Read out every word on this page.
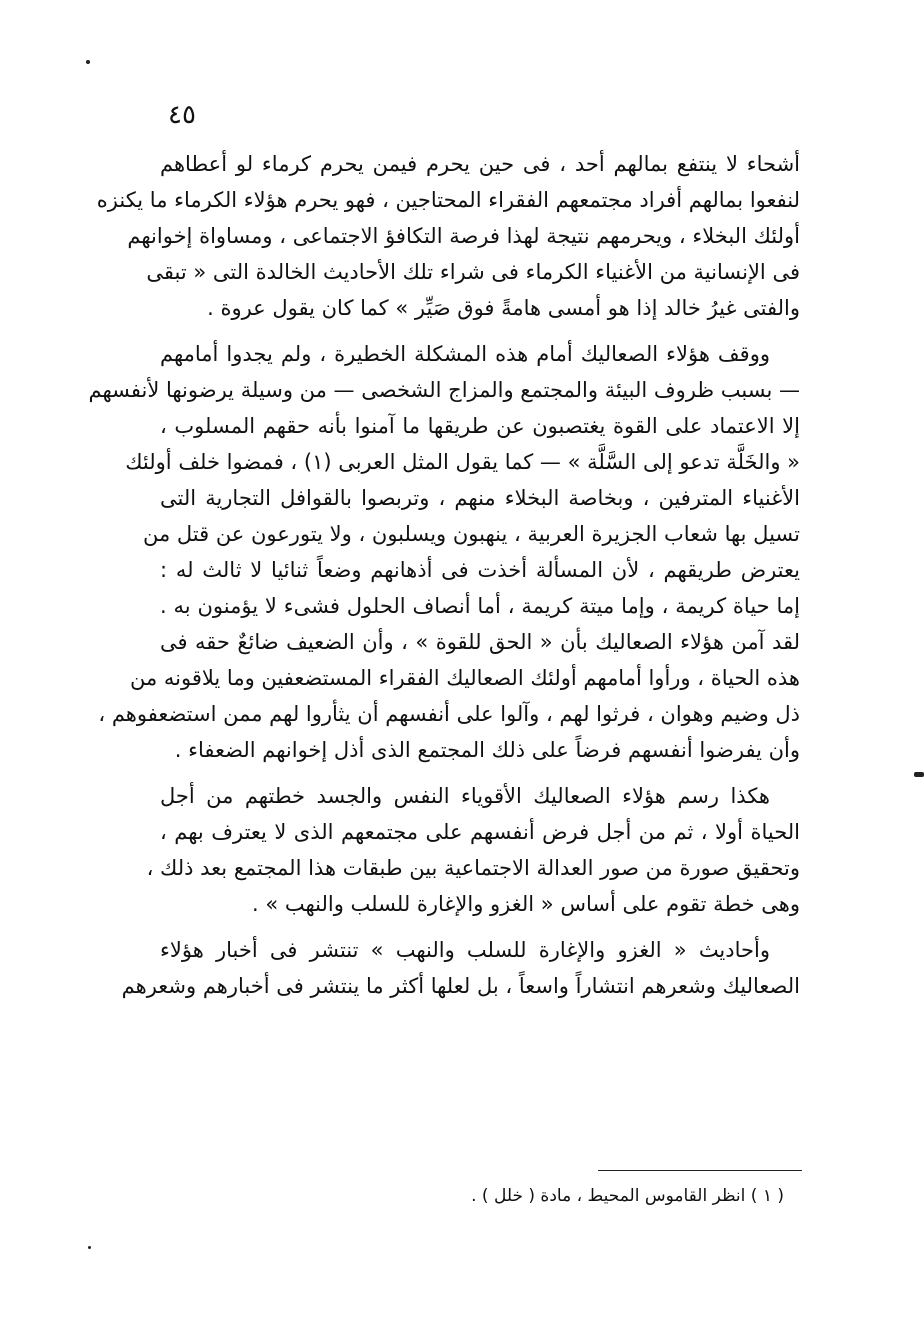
٤٥
أشحاء لا ينتفع بمالهم أحد ، فى حين يحرم فيمن يحرم كرماء لو أعطاهم
لنفعوا بمالهم أفراد مجتمعهم الفقراء المحتاجين ، فهو يحرم هؤلاء الكرماء ما يكنزه
أولئك البخلاء ، ويحرمهم نتيجة لهذا فرصة التكافؤ الاجتماعى ، ومساواة إخوانهم
فى الإنسانية من الأغنياء الكرماء فى شراء تلك الأحاديث الخالدة التى « تبقى
والفتى غيرُ خالد إذا هو أمسى هامةً فوق صَيِّر » كما كان يقول عروة .
ووقف هؤلاء الصعاليك أمام هذه المشكلة الخطيرة ، ولم يجدوا أمامهم
— بسبب ظروف البيئة والمجتمع والمزاج الشخصى — من وسيلة يرضونها لأنفسهم
إلا الاعتماد على القوة يغتصبون عن طريقها ما آمنوا بأنه حقهم المسلوب ،
« والخَلَّة تدعو إلى السَّلَّة » — كما يقول المثل العربى (١) ، فمضوا خلف أولئك
الأغنياء المترفين ، وبخاصة البخلاء منهم ، وتربصوا بالقوافل التجارية التى
تسيل بها شعاب الجزيرة العربية ، ينهبون ويسلبون ، ولا يتورعون عن قتل من
يعترض طريقهم ، لأن المسألة أخذت فى أذهانهم وضعاً ثنائيا لا ثالث له :
إما حياة كريمة ، وإما ميتة كريمة ، أما أنصاف الحلول فشىء لا يؤمنون به .
لقد آمن هؤلاء الصعاليك بأن « الحق للقوة » ، وأن الضعيف ضائعٌ حقه فى
هذه الحياة ، ورأوا أمامهم أولئك الصعاليك الفقراء المستضعفين وما يلاقونه من
ذل وضيم وهوان ، فرثوا لهم ، وآلوا على أنفسهم أن يثأروا لهم ممن استضعفوهم ،
وأن يفرضوا أنفسهم فرضاً على ذلك المجتمع الذى أذل إخوانهم الضعفاء .
هكذا رسم هؤلاء الصعاليك الأقوياء النفس والجسد خطتهم من أجل
الحياة أولا ، ثم من أجل فرض أنفسهم على مجتمعهم الذى لا يعترف بهم ،
وتحقيق صورة من صور العدالة الاجتماعية بين طبقات هذا المجتمع بعد ذلك ،
وهى خطة تقوم على أساس « الغزو والإغارة للسلب والنهب » .
وأحاديث « الغزو والإغارة للسلب والنهب » تنتشر فى أخبار هؤلاء
الصعاليك وشعرهم انتشاراً واسعاً ، بل لعلها أكثر ما ينتشر فى أخبارهم وشعرهم
( ١ ) انظر القاموس المحيط ، مادة ( خلل ) .
